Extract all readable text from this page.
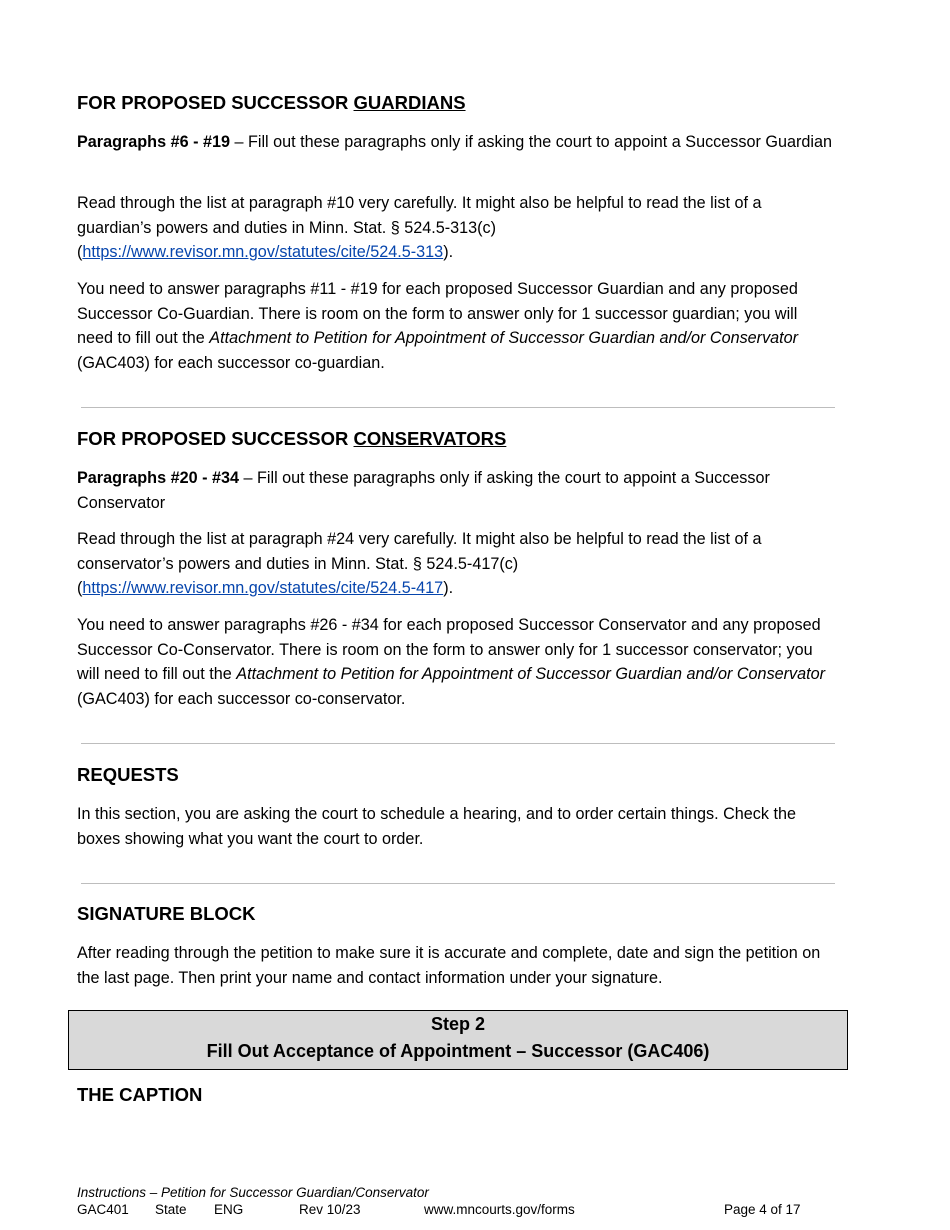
FOR PROPOSED SUCCESSOR GUARDIANS

Paragraphs #6 - #19 – Fill out these paragraphs only if asking the court to appoint a Successor Guardian

Read through the list at paragraph #10 very carefully. It might also be helpful to read the list of a guardian’s powers and duties in Minn. Stat. § 524.5-313(c) (https://www.revisor.mn.gov/statutes/cite/524.5-313).

You need to answer paragraphs #11 - #19 for each proposed Successor Guardian and any proposed Successor Co-Guardian. There is room on the form to answer only for 1 successor guardian; you will need to fill out the Attachment to Petition for Appointment of Successor Guardian and/or Conservator (GAC403) for each successor co-guardian.

FOR PROPOSED SUCCESSOR CONSERVATORS

Paragraphs #20 - #34 – Fill out these paragraphs only if asking the court to appoint a Successor Conservator

Read through the list at paragraph #24 very carefully. It might also be helpful to read the list of a conservator’s powers and duties in Minn. Stat. § 524.5-417(c) (https://www.revisor.mn.gov/statutes/cite/524.5-417).

You need to answer paragraphs #26 - #34 for each proposed Successor Conservator and any proposed Successor Co-Conservator. There is room on the form to answer only for 1 successor conservator; you will need to fill out the Attachment to Petition for Appointment of Successor Guardian and/or Conservator (GAC403) for each successor co-conservator.

REQUESTS

In this section, you are asking the court to schedule a hearing, and to order certain things. Check the boxes showing what you want the court to order.

SIGNATURE BLOCK

After reading through the petition to make sure it is accurate and complete, date and sign the petition on the last page. Then print your name and contact information under your signature.

THE CAPTION
Step 2
Fill Out Acceptance of Appointment – Successor (GAC406)
Instructions – Petition for Successor Guardian/Conservator
GAC401 State ENG	Rev 10/23	www.mncourts.gov/forms	Page 4 of 17
